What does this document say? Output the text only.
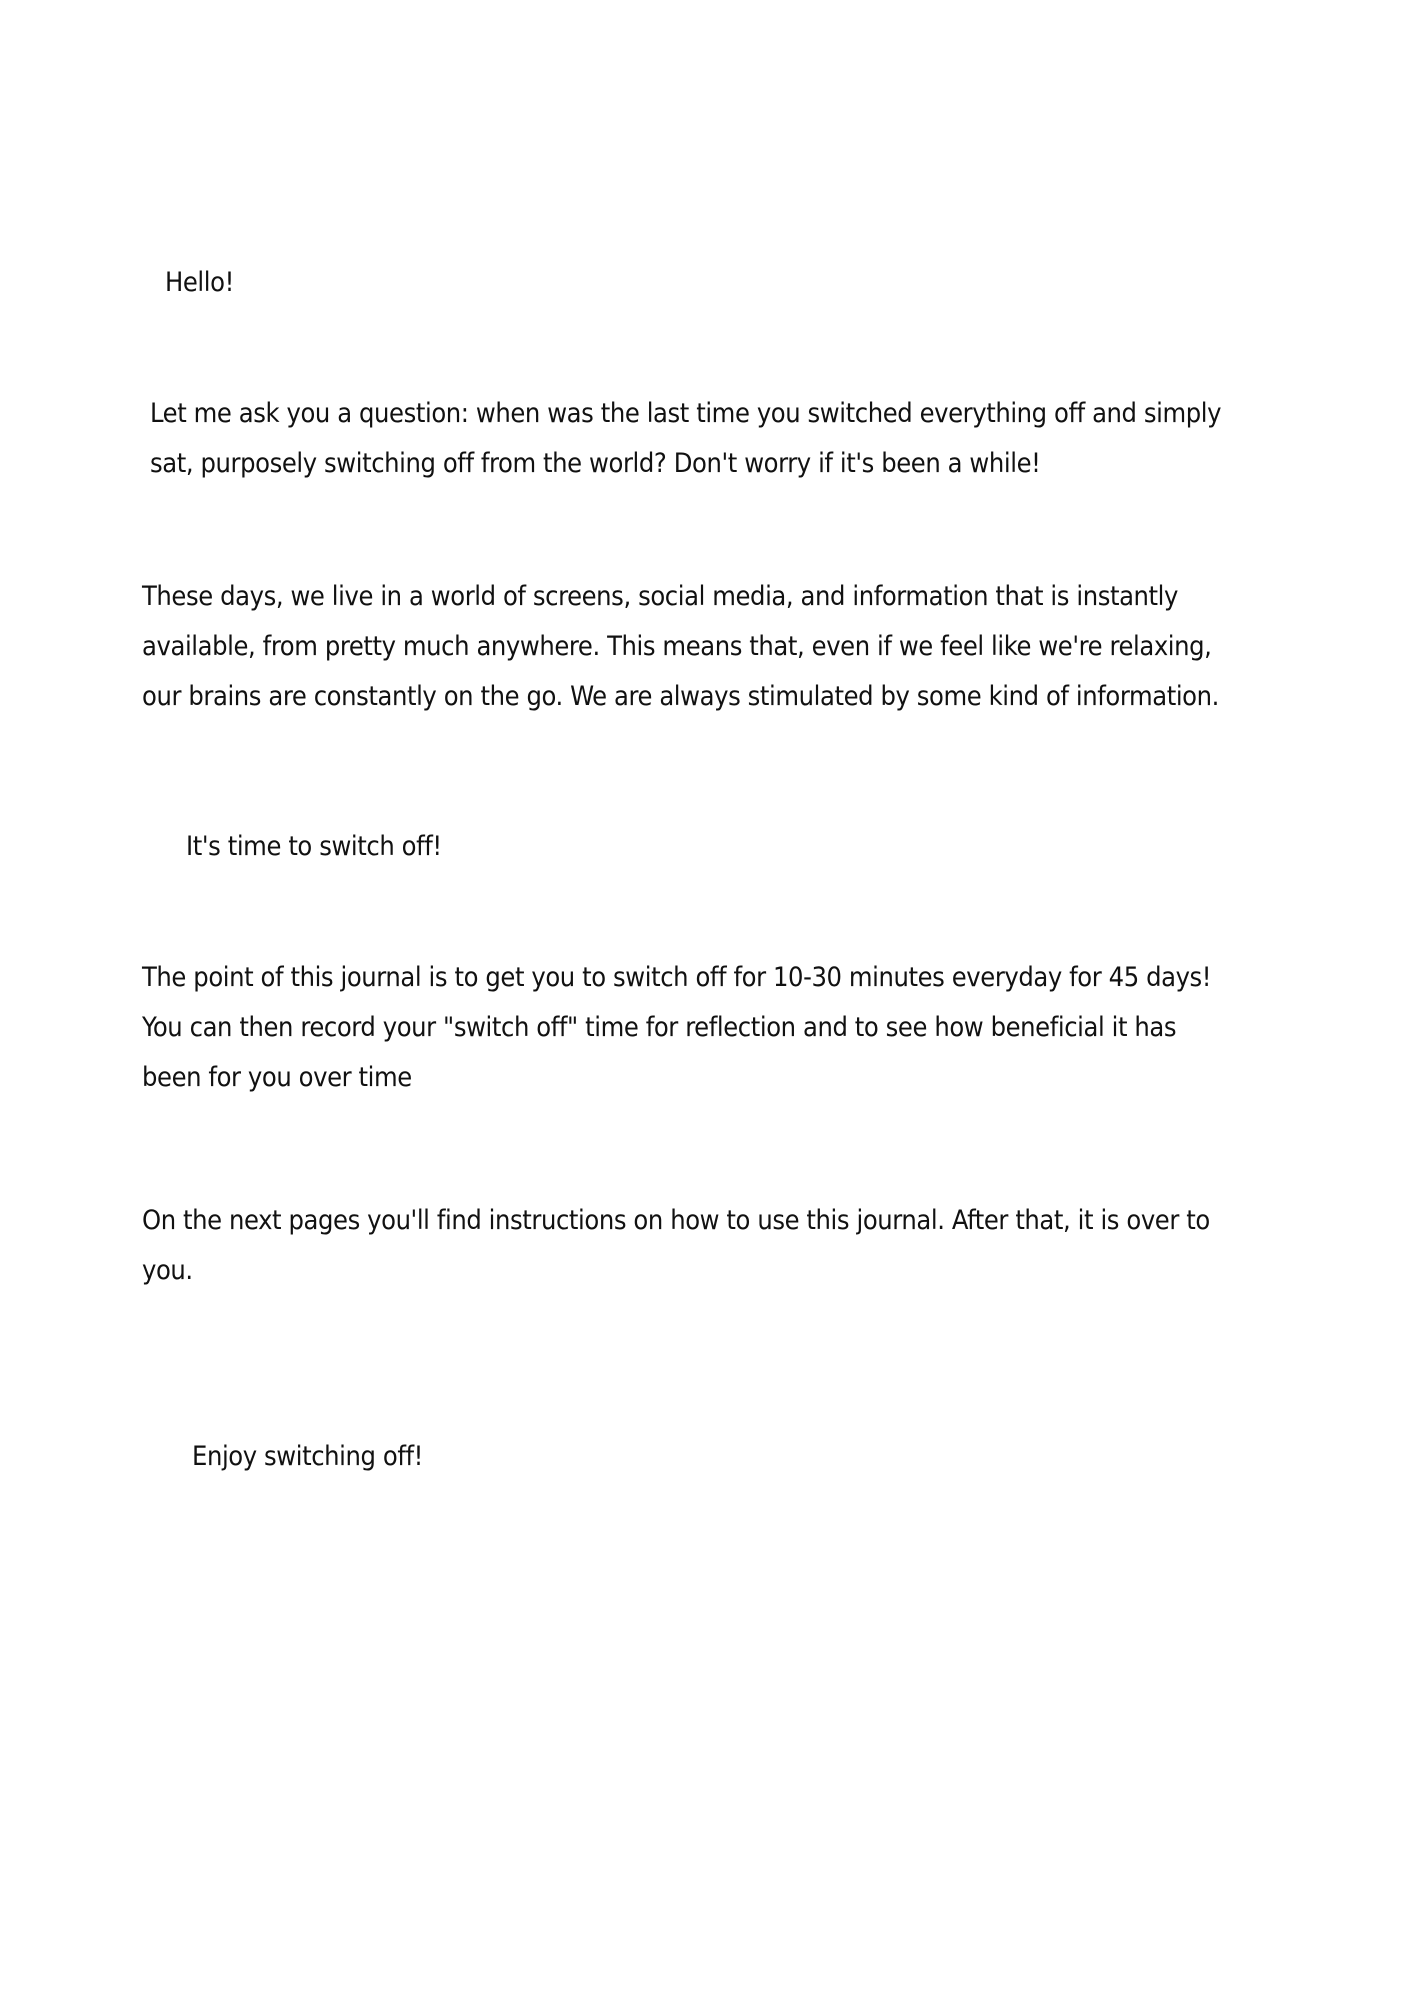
Hello!

Let me ask you a question: when was the last time you switched everything off and simply
sat, purposely switching off from the world? Don't worry if it's been a while!

These days, we live in a world of screens, social media, and information that is instantly
available, from pretty much anywhere. This means that, even if we feel like we're relaxing,
our brains are constantly on the go. We are always stimulated by some kind of information.

It's time to switch off!

The point of this journal is to get you to switch off for 10-30 minutes everyday for 45 days!
You can then record your "switch off" time for reflection and to see how beneficial it has
been for you over time

On the next pages you'll find instructions on how to use this journal. After that, it is over to
you.

Enjoy switching off!
